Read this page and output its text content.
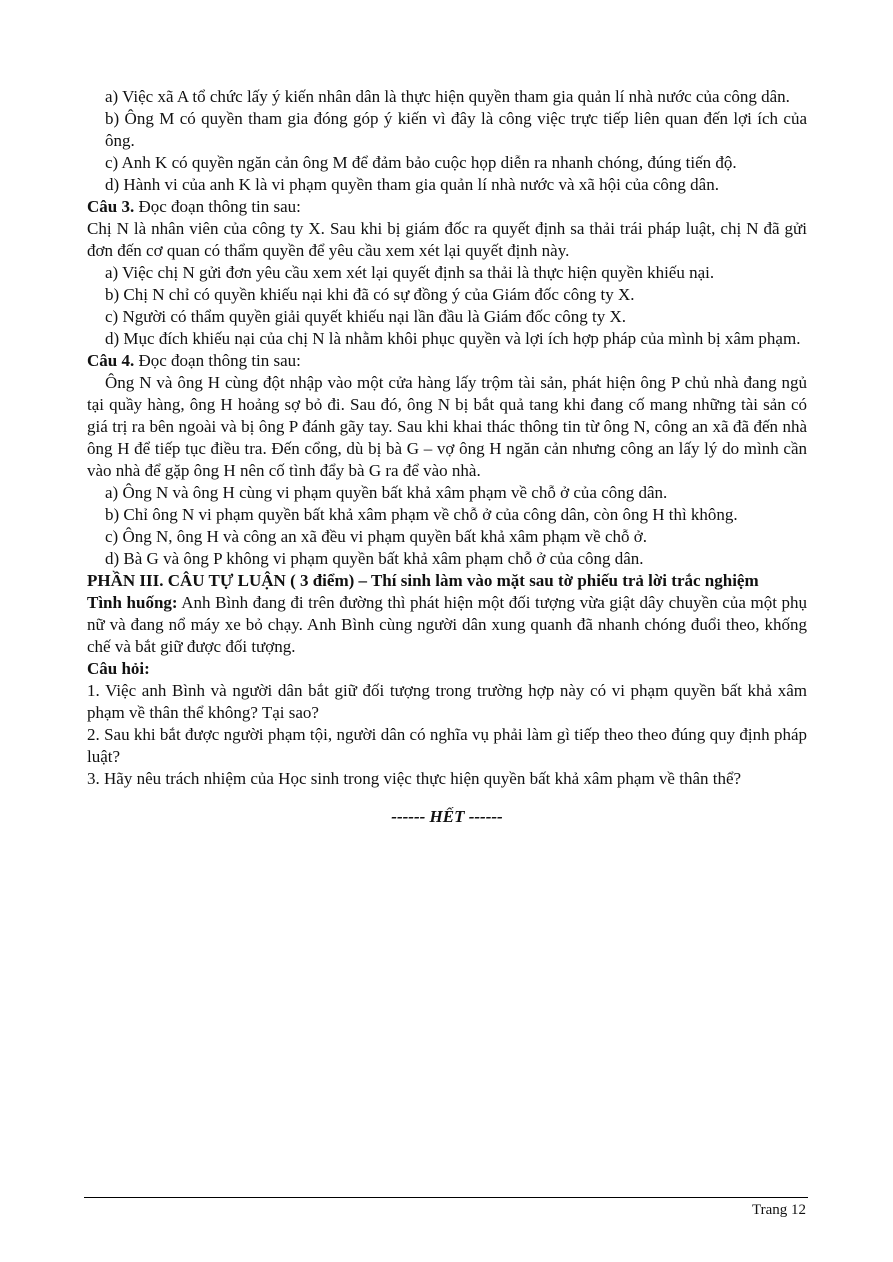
a) Việc xã A tổ chức lấy ý kiến nhân dân là thực hiện quyền tham gia quản lí nhà nước của công dân.

b) Ông M có quyền tham gia đóng góp ý kiến vì đây là công việc trực tiếp liên quan đến lợi ích của ông.

c) Anh K có quyền ngăn cản ông M để đảm bảo cuộc họp diễn ra nhanh chóng, đúng tiến độ.

d) Hành vi của anh K là vi phạm quyền tham gia quản lí nhà nước và xã hội của công dân.

Câu 3. Đọc đoạn thông tin sau:

Chị N là nhân viên của công ty X. Sau khi bị giám đốc ra quyết định sa thải trái pháp luật, chị N đã gửi đơn đến cơ quan có thẩm quyền để yêu cầu xem xét lại quyết định này.

a) Việc chị N gửi đơn yêu cầu xem xét lại quyết định sa thải là thực hiện quyền khiếu nại.

b) Chị N chỉ có quyền khiếu nại khi đã có sự đồng ý của Giám đốc công ty X.

c) Người có thẩm quyền giải quyết khiếu nại lần đầu là Giám đốc công ty X.

d) Mục đích khiếu nại của chị N là nhằm khôi phục quyền và lợi ích hợp pháp của mình bị xâm phạm.

Câu 4. Đọc đoạn thông tin sau:

Ông N và ông H cùng đột nhập vào một cửa hàng lấy trộm tài sản, phát hiện ông P chủ nhà đang ngủ tại quầy hàng, ông H hoảng sợ bỏ đi. Sau đó, ông N bị bắt quả tang khi đang cố mang những tài sản có giá trị ra bên ngoài và bị ông P đánh gãy tay. Sau khi khai thác thông tin từ ông N, công an xã đã đến nhà ông H để tiếp tục điều tra. Đến cổng, dù bị bà G – vợ ông H ngăn cản nhưng công an lấy lý do mình cần vào nhà để gặp ông H nên cố tình đẩy bà G ra để vào nhà.

a) Ông N và ông H cùng vi phạm quyền bất khả xâm phạm về chỗ ở của công dân.

b) Chỉ ông N vi phạm quyền bất khả xâm phạm về chỗ ở của công dân, còn ông H thì không.

c) Ông N, ông H và công an xã đều vi phạm quyền bất khả xâm phạm về chỗ ở.

d) Bà G và ông P không vi phạm quyền bất khả xâm phạm chỗ ở của công dân.

PHẦN III. CÂU TỰ LUẬN ( 3 điểm) – Thí sinh làm vào mặt sau tờ phiếu trả lời trắc nghiệm

Tình huống: Anh Bình đang đi trên đường thì phát hiện một đối tượng vừa giật dây chuyền của một phụ nữ và đang nổ máy xe bỏ chạy. Anh Bình cùng người dân xung quanh đã nhanh chóng đuổi theo, khống chế và bắt giữ được đối tượng.

Câu hỏi:

1. Việc anh Bình và người dân bắt giữ đối tượng trong trường hợp này có vi phạm quyền bất khả xâm phạm về thân thể không? Tại sao?

2. Sau khi bắt được người phạm tội, người dân có nghĩa vụ phải làm gì tiếp theo theo đúng quy định pháp luật?

3. Hãy nêu trách nhiệm của Học sinh trong việc thực hiện quyền bất khả xâm phạm về thân thể?

------ HẾT ------

Trang 12
